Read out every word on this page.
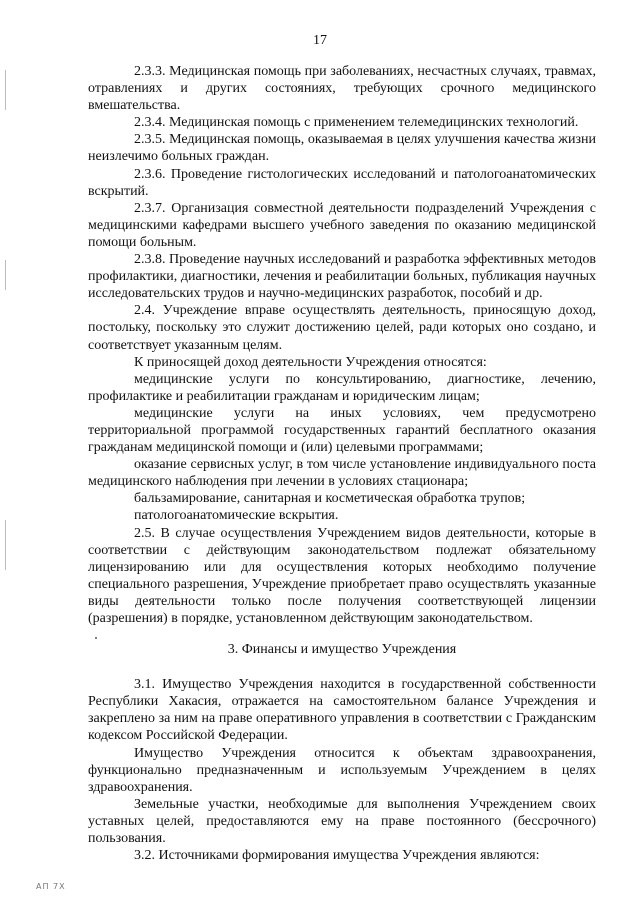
17

2.3.3. Медицинская помощь при заболеваниях, несчастных случаях, травмах, отравлениях и других состояниях, требующих срочного медицинского вмешательства.

2.3.4. Медицинская помощь с применением телемедицинских технологий.

2.3.5. Медицинская помощь, оказываемая в целях улучшения качества жизни неизлечимо больных граждан.

2.3.6. Проведение гистологических исследований и патологоанатомических вскрытий.

2.3.7. Организация совместной деятельности подразделений Учреждения с медицинскими кафедрами высшего учебного заведения по оказанию медицинской помощи больным.

2.3.8. Проведение научных исследований и разработка эффективных методов профилактики, диагностики, лечения и реабилитации больных, публикация научных исследовательских трудов и научно-медицинских разработок, пособий и др.

2.4. Учреждение вправе осуществлять деятельность, приносящую доход, постольку, поскольку это служит достижению целей, ради которых оно создано, и соответствует указанным целям.

К приносящей доход деятельности Учреждения относятся:

медицинские услуги по консультированию, диагностике, лечению, профилактике и реабилитации гражданам и юридическим лицам;

медицинские услуги на иных условиях, чем предусмотрено территориальной программой государственных гарантий бесплатного оказания гражданам медицинской помощи и (или) целевыми программами;

оказание сервисных услуг, в том числе установление индивидуального поста медицинского наблюдения при лечении в условиях стационара;

бальзамирование, санитарная и косметическая обработка трупов;

патологоанатомические вскрытия.

2.5. В случае осуществления Учреждением видов деятельности, которые в соответствии с действующим законодательством подлежат обязательному лицензированию или для осуществления которых необходимо получение специального разрешения, Учреждение приобретает право осуществлять указанные виды деятельности только после получения соответствующей лицензии (разрешения) в порядке, установленном действующим законодательством.

3. Финансы и имущество Учреждения

3.1. Имущество Учреждения находится в государственной собственности Республики Хакасия, отражается на самостоятельном балансе Учреждения и закреплено за ним на праве оперативного управления в соответствии с Гражданским кодексом Российской Федерации.

Имущество Учреждения относится к объектам здравоохранения, функционально предназначенным и используемым Учреждением в целях здравоохранения.

Земельные участки, необходимые для выполнения Учреждением своих уставных целей, предоставляются ему на праве постоянного (бессрочного) пользования.

3.2. Источниками формирования имущества Учреждения являются:

АП 7Х
